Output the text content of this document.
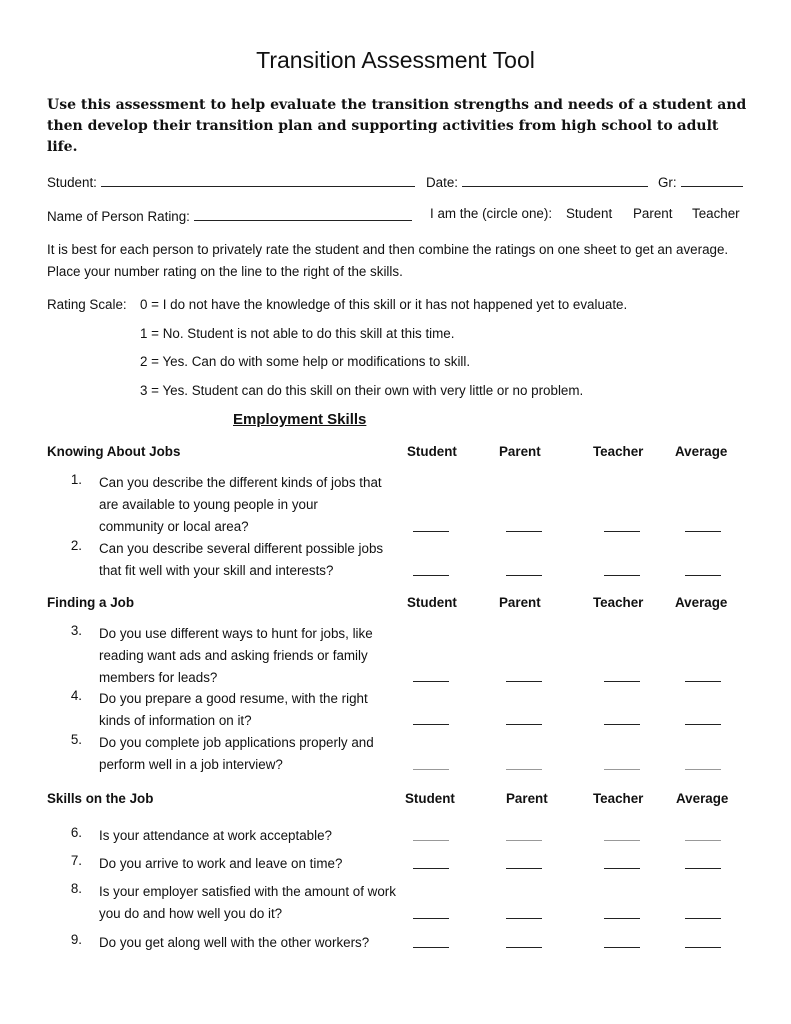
Transition Assessment Tool
Use this assessment to help evaluate the transition strengths and needs of a student and then develop their transition plan and supporting activities from high school to adult life.
Student:	Date:	Gr:
Name of Person Rating:	I am the (circle one): Student Parent Teacher
It is best for each person to privately rate the student and then combine the ratings on one sheet to get an average. Place your number rating on the line to the right of the skills.
Rating Scale: 0 = I do not have the knowledge of this skill or it has not happened yet to evaluate.
1 = No. Student is not able to do this skill at this time.
2 = Yes. Can do with some help or modifications to skill.
3 = Yes. Student can do this skill on their own with very little or no problem.
Employment Skills
Knowing About Jobs	Student	Parent	Teacher Average
1. Can you describe the different kinds of jobs that are available to young people in your community or local area?
2. Can you describe several different possible jobs that fit well with your skill and interests?
Finding a Job	Student	Parent	Teacher Average
3. Do you use different ways to hunt for jobs, like reading want ads and asking friends or family members for leads?
4. Do you prepare a good resume, with the right kinds of information on it?
5. Do you complete job applications properly and perform well in a job interview?
Skills on the Job	Student	Parent	Teacher Average
6. Is your attendance at work acceptable?
7. Do you arrive to work and leave on time?
8. Is your employer satisfied with the amount of work you do and how well you do it?
9. Do you get along well with the other workers?
